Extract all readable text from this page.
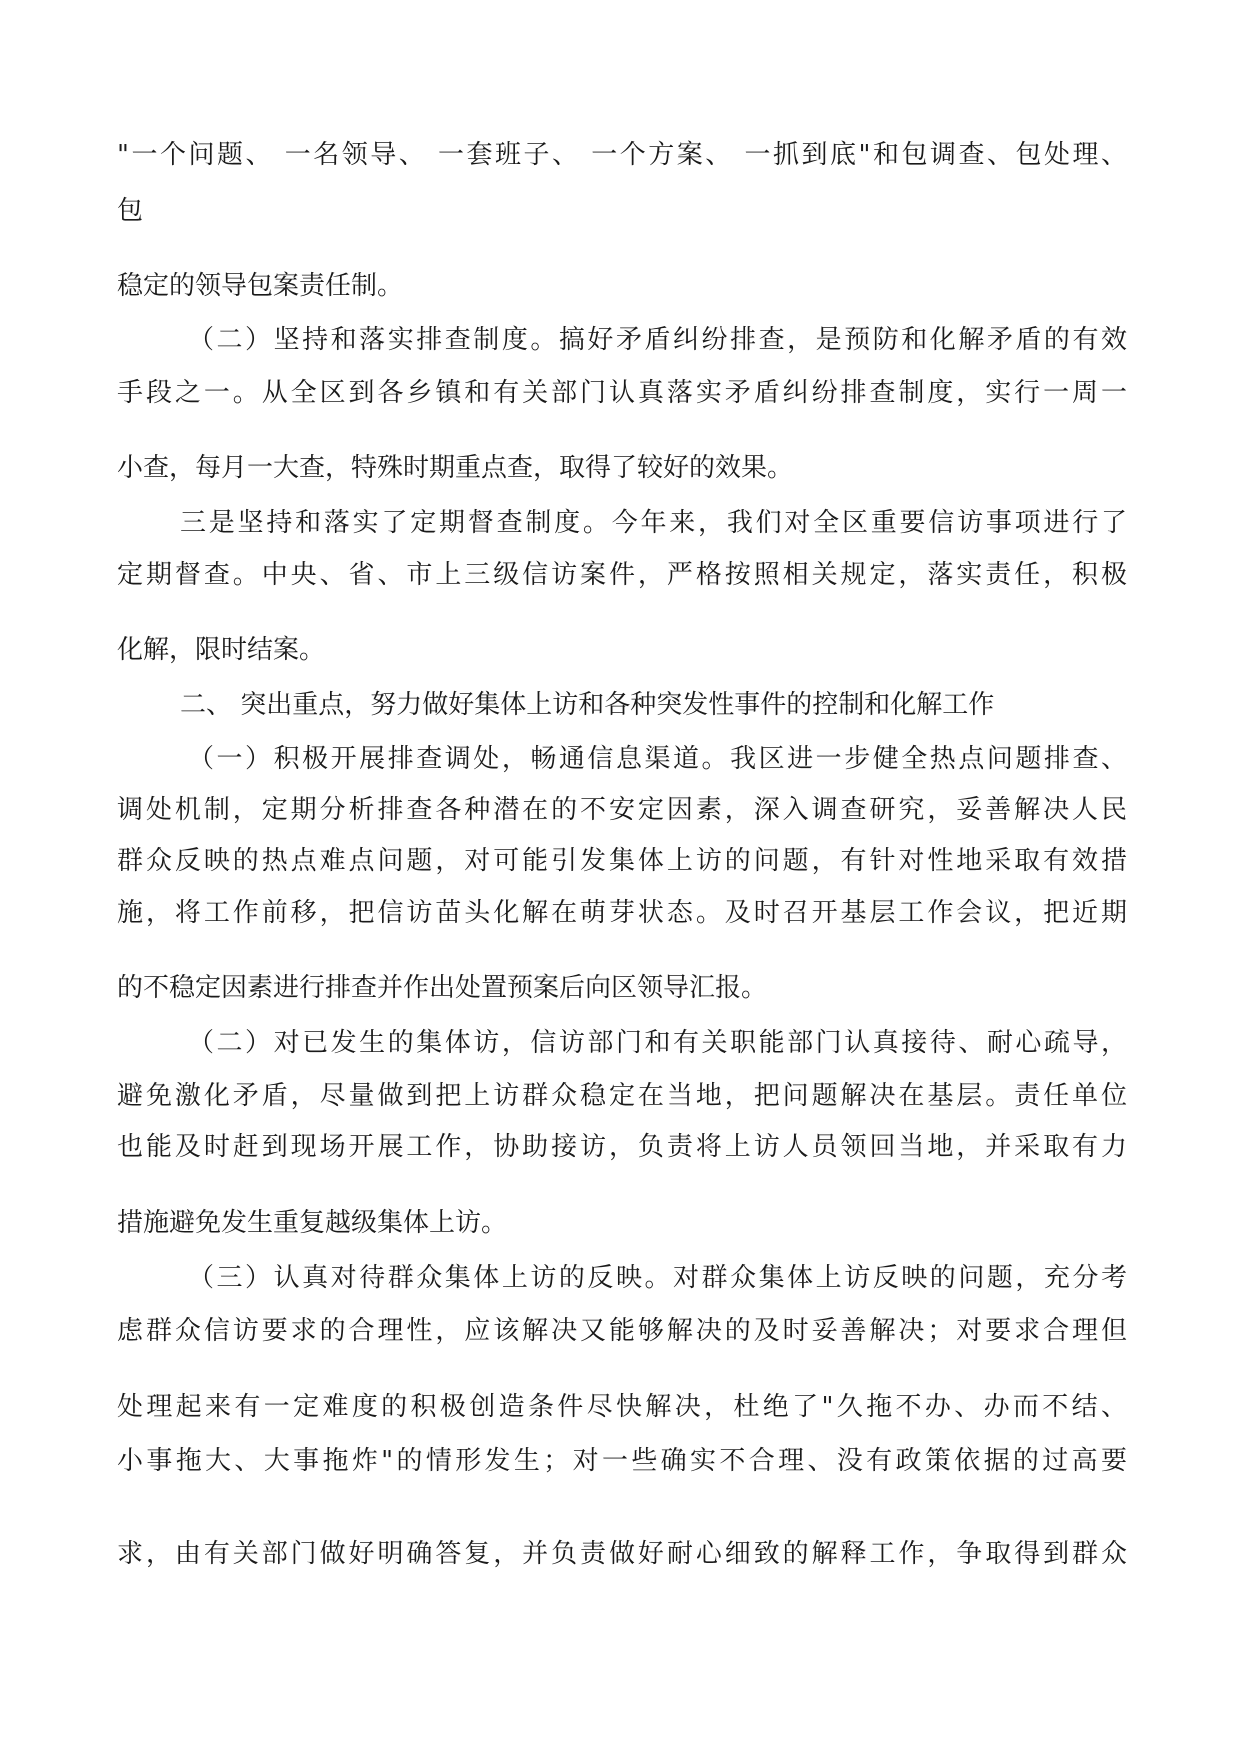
"一个问题、 一名领导、 一套班子、 一个方案、 一抓到底"和包调查、包处理、
包
稳定的领导包案责任制。
（二）坚持和落实排查制度。搞好矛盾纠纷排查，是预防和化解矛盾的有效
手段之一。从全区到各乡镇和有关部门认真落实矛盾纠纷排查制度，实行一周一
小查，每月一大查，特殊时期重点查，取得了较好的效果。
三是坚持和落实了定期督查制度。今年来，我们对全区重要信访事项进行了
定期督查。中央、省、市上三级信访案件，严格按照相关规定，落实责任，积极
化解，限时结案。
二、 突出重点，努力做好集体上访和各种突发性事件的控制和化解工作
（一）积极开展排查调处，畅通信息渠道。我区进一步健全热点问题排查、
调处机制，定期分析排查各种潜在的不安定因素，深入调查研究，妥善解决人民
群众反映的热点难点问题，对可能引发集体上访的问题，有针对性地采取有效措
施，将工作前移，把信访苗头化解在萌芽状态。及时召开基层工作会议，把近期
的不稳定因素进行排查并作出处置预案后向区领导汇报。
（二）对已发生的集体访，信访部门和有关职能部门认真接待、耐心疏导，
避免激化矛盾，尽量做到把上访群众稳定在当地，把问题解决在基层。责任单位
也能及时赶到现场开展工作，协助接访，负责将上访人员领回当地，并采取有力
措施避免发生重复越级集体上访。
（三）认真对待群众集体上访的反映。对群众集体上访反映的问题，充分考
虑群众信访要求的合理性，应该解决又能够解决的及时妥善解决；对要求合理但
处理起来有一定难度的积极创造条件尽快解决，杜绝了"久拖不办、办而不结、
小事拖大、大事拖炸"的情形发生；对一些确实不合理、没有政策依据的过高要
求，由有关部门做好明确答复，并负责做好耐心细致的解释工作，争取得到群众
